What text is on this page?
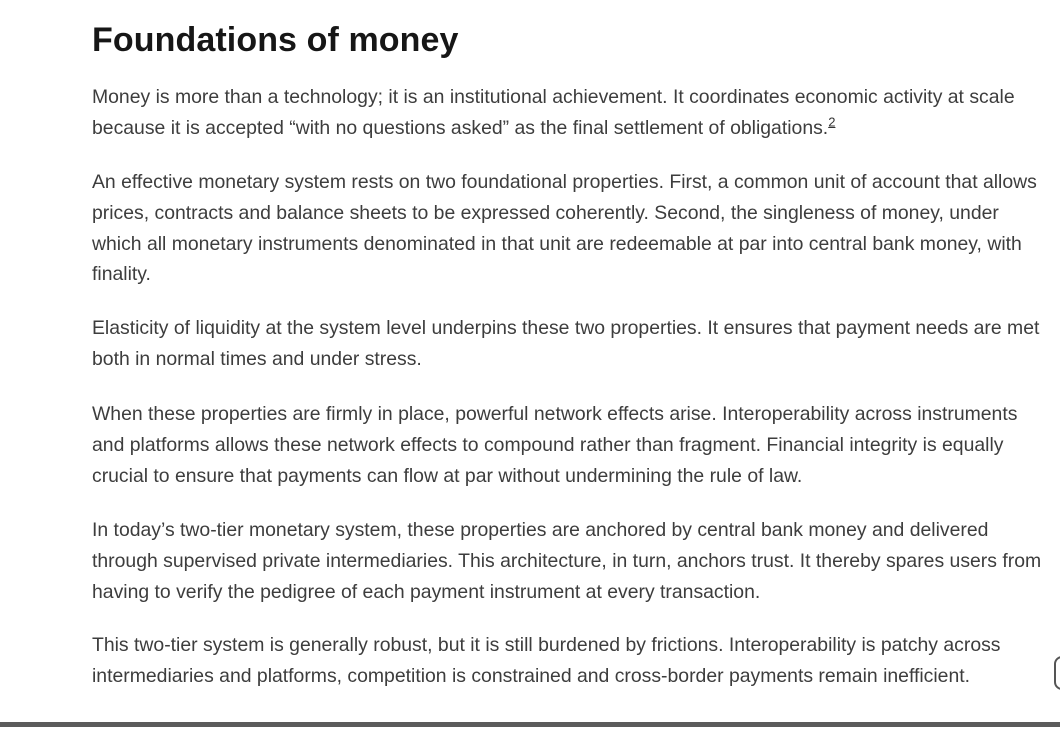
Foundations of money

Money is more than a technology; it is an institutional achievement. It coordinates economic activity at scale because it is accepted “with no questions asked” as the final settlement of obligations.$^2$

An effective monetary system rests on two foundational properties. First, a common unit of account that allows prices, contracts and balance sheets to be expressed coherently. Second, the singleness of money, under which all monetary instruments denominated in that unit are redeemable at par into central bank money, with finality.

Elasticity of liquidity at the system level underpins these two properties. It ensures that payment needs are met both in normal times and under stress.

When these properties are firmly in place, powerful network effects arise. Interoperability across instruments and platforms allows these network effects to compound rather than fragment. Financial integrity is equally crucial to ensure that payments can flow at par without undermining the rule of law.

In today’s two-tier monetary system, these properties are anchored by central bank money and delivered through supervised private intermediaries. This architecture, in turn, anchors trust. It thereby spares users from having to verify the pedigree of each payment instrument at every transaction.

This two-tier system is generally robust, but it is still burdened by frictions. Interoperability is patchy across intermediaries and platforms, competition is constrained and cross-border payments remain inefficient.
